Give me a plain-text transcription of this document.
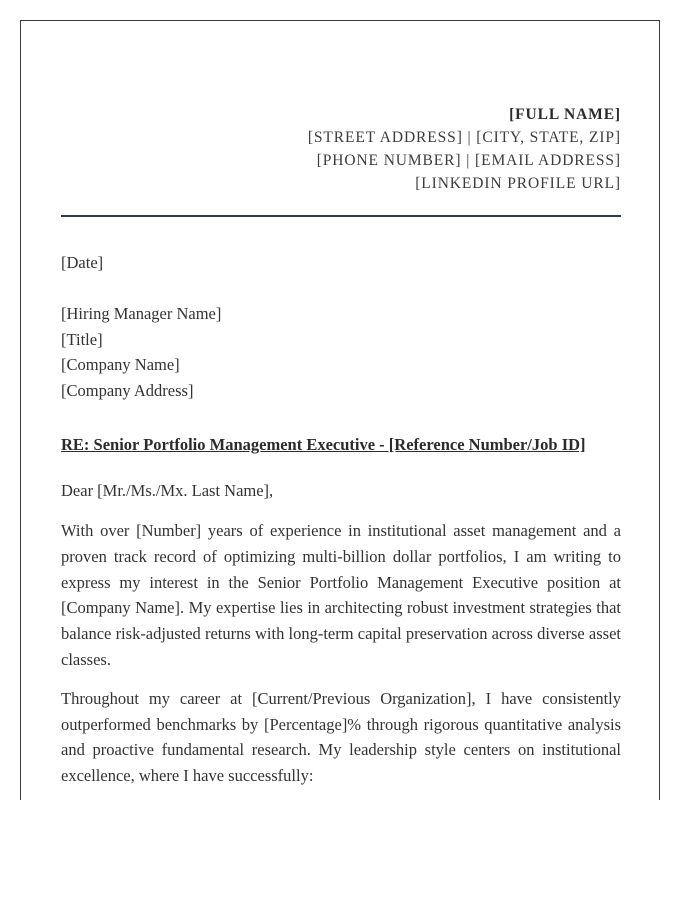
[FULL NAME]
[STREET ADDRESS] | [CITY, STATE, ZIP]
[PHONE NUMBER] | [EMAIL ADDRESS]
[LINKEDIN PROFILE URL]
[Date]
[Hiring Manager Name]
[Title]
[Company Name]
[Company Address]
RE: Senior Portfolio Management Executive - [Reference Number/Job ID]
Dear [Mr./Ms./Mx. Last Name],
With over [Number] years of experience in institutional asset management and a proven track record of optimizing multi-billion dollar portfolios, I am writing to express my interest in the Senior Portfolio Management Executive position at [Company Name]. My expertise lies in architecting robust investment strategies that balance risk-adjusted returns with long-term capital preservation across diverse asset classes.
Throughout my career at [Current/Previous Organization], I have consistently outperformed benchmarks by [Percentage]% through rigorous quantitative analysis and proactive fundamental research. My leadership style centers on institutional excellence, where I have successfully:
